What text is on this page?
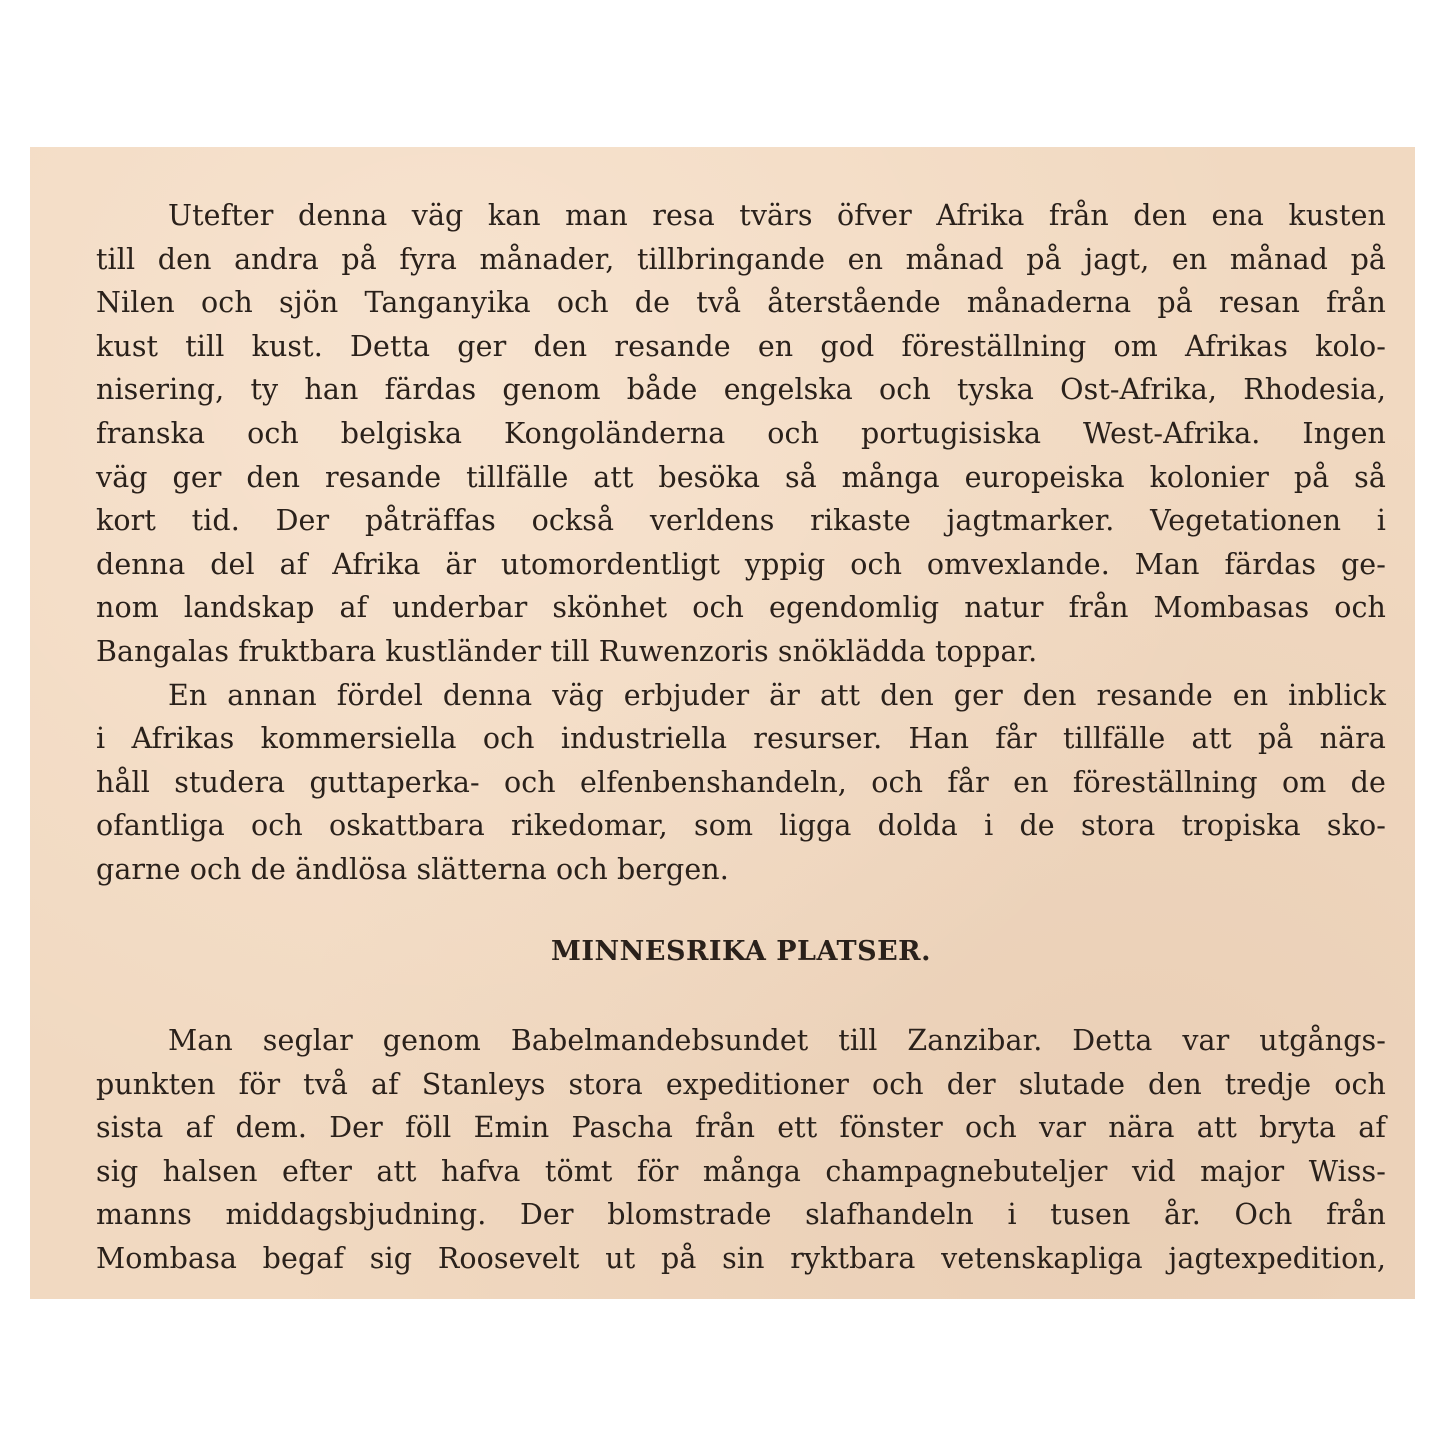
Utefter denna väg kan man resa tvärs öfver Afrika från den ena kusten
till den andra på fyra månader, tillbringande en månad på jagt, en månad på
Nilen och sjön Tanganyika och de två återstående månaderna på resan från
kust till kust. Detta ger den resande en god föreställning om Afrikas kolo-
nisering, ty han färdas genom både engelska och tyska Ost-Afrika, Rhodesia,
franska och belgiska Kongoländerna och portugisiska West-Afrika. Ingen
väg ger den resande tillfälle att besöka så många europeiska kolonier på så
kort tid. Der påträffas också verldens rikaste jagtmarker. Vegetationen i
denna del af Afrika är utomordentligt yppig och omvexlande. Man färdas ge-
nom landskap af underbar skönhet och egendomlig natur från Mombasas och
Bangalas fruktbara kustländer till Ruwenzoris snöklädda toppar.
En annan fördel denna väg erbjuder är att den ger den resande en inblick
i Afrikas kommersiella och industriella resurser. Han får tillfälle att på nära
håll studera guttaperka- och elfenbenshandeln, och får en föreställning om de
ofantliga och oskattbara rikedomar, som ligga dolda i de stora tropiska sko-
garne och de ändlösa slätterna och bergen.
MINNESRIKA PLATSER.
Man seglar genom Babelmandebsundet till Zanzibar. Detta var utgångs-
punkten för två af Stanleys stora expeditioner och der slutade den tredje och
sista af dem. Der föll Emin Pascha från ett fönster och var nära att bryta af
sig halsen efter att hafva tömt för många champagnebuteljer vid major Wiss-
manns middagsbjudning. Der blomstrade slafhandeln i tusen år. Och från
Mombasa begaf sig Roosevelt ut på sin ryktbara vetenskapliga jagtexpedition,
